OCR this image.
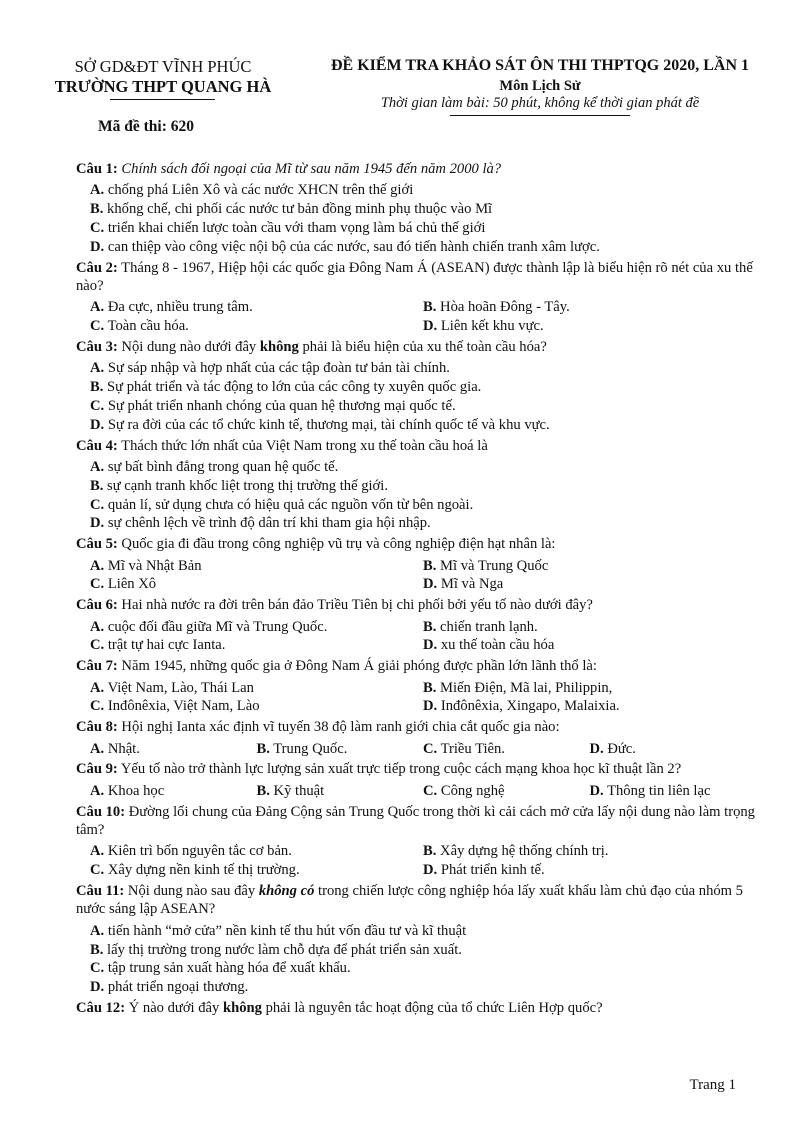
SỞ GD&ĐT VĨNH PHÚC
TRƯỜNG THPT QUANG HÀ
Mã đề thi: 620
ĐỀ KIỂM TRA KHẢO SÁT ÔN THI THPTQG 2020, LẦN 1
Môn Lịch Sử
Thời gian làm bài: 50 phút, không kể thời gian phát đề
Câu 1: Chính sách đối ngoại của Mĩ từ sau năm 1945 đến năm 2000 là?
A. chống phá Liên Xô và các nước XHCN trên thế giới
B. khống chế, chi phối các nước tư bản đồng minh phụ thuộc vào Mĩ
C. triển khai chiến lược toàn cầu với tham vọng làm bá chủ thế giới
D. can thiệp vào công việc nội bộ của các nước, sau đó tiến hành chiến tranh xâm lược.
Câu 2: Tháng 8 - 1967, Hiệp hội các quốc gia Đông Nam Á (ASEAN) được thành lập là biểu hiện rõ nét của xu thế nào?
A. Đa cực, nhiều trung tâm.	B. Hòa hoãn Đông - Tây.
C. Toàn cầu hóa.	D. Liên kết khu vực.
Câu 3: Nội dung nào dưới đây không phải là biểu hiện của xu thế toàn cầu hóa?
A. Sự sáp nhập và hợp nhất của các tập đoàn tư bản tài chính.
B. Sự phát triển và tác động to lớn của các công ty xuyên quốc gia.
C. Sự phát triển nhanh chóng của quan hệ thương mại quốc tế.
D. Sự ra đời của các tổ chức kinh tế, thương mại, tài chính quốc tế và khu vực.
Câu 4: Thách thức lớn nhất của Việt Nam trong xu thế toàn cầu hoá là
A. sự bất bình đẳng trong quan hệ quốc tế.
B. sự cạnh tranh khốc liệt trong thị trường thế giới.
C. quản lí, sử dụng chưa có hiệu quả các nguồn vốn từ bên ngoài.
D. sự chênh lệch về trình độ dân trí khi tham gia hội nhập.
Câu 5: Quốc gia đi đầu trong công nghiệp vũ trụ và công nghiệp điện hạt nhân là:
A. Mĩ và Nhật Bản	B. Mĩ và Trung Quốc
C. Liên Xô	D. Mĩ và Nga
Câu 6: Hai nhà nước ra đời trên bán đảo Triều Tiên bị chi phối bởi yếu tố nào dưới đây?
A. cuộc đối đầu giữa Mĩ và Trung Quốc.	B. chiến tranh lạnh.
C. trật tự hai cực Ianta.	D. xu thế toàn cầu hóa
Câu 7: Năm 1945, những quốc gia ở Đông Nam Á giải phóng được phần lớn lãnh thổ là:
A. Việt Nam, Lào, Thái Lan	B. Miến Điện, Mã lai, Philippin,
C. Inđônêxia, Việt Nam, Lào	D. Inđônêxia, Xingapo, Malaixia.
Câu 8: Hội nghị Ianta xác định vĩ tuyến 38 độ làm ranh giới chia cắt quốc gia nào:
A. Nhật.	B. Trung Quốc.	C. Triều Tiên.	D. Đức.
Câu 9: Yếu tố nào trở thành lực lượng sản xuất trực tiếp trong cuộc cách mạng khoa học kĩ thuật lần 2?
A. Khoa học	B. Kỹ thuật	C. Công nghệ	D. Thông tin liên lạc
Câu 10: Đường lối chung của Đảng Cộng sản Trung Quốc trong thời kì cải cách mở cửa lấy nội dung nào làm trọng tâm?
A. Kiên trì bốn nguyên tắc cơ bản.	B. Xây dựng hệ thống chính trị.
C. Xây dựng nền kinh tế thị trường.	D. Phát triển kinh tế.
Câu 11: Nội dung nào sau đây không có trong chiến lược công nghiệp hóa lấy xuất khẩu làm chủ đạo của nhóm 5 nước sáng lập ASEAN?
A. tiến hành “mở cửa” nền kinh tế thu hút vốn đầu tư và kĩ thuật
B. lấy thị trường trong nước làm chỗ dựa để phát triển sản xuất.
C. tập trung sản xuất hàng hóa để xuất khẩu.
D. phát triển ngoại thương.
Câu 12: Ý nào dưới đây không phải là nguyên tắc hoạt động của tổ chức Liên Hợp quốc?
Trang 1
